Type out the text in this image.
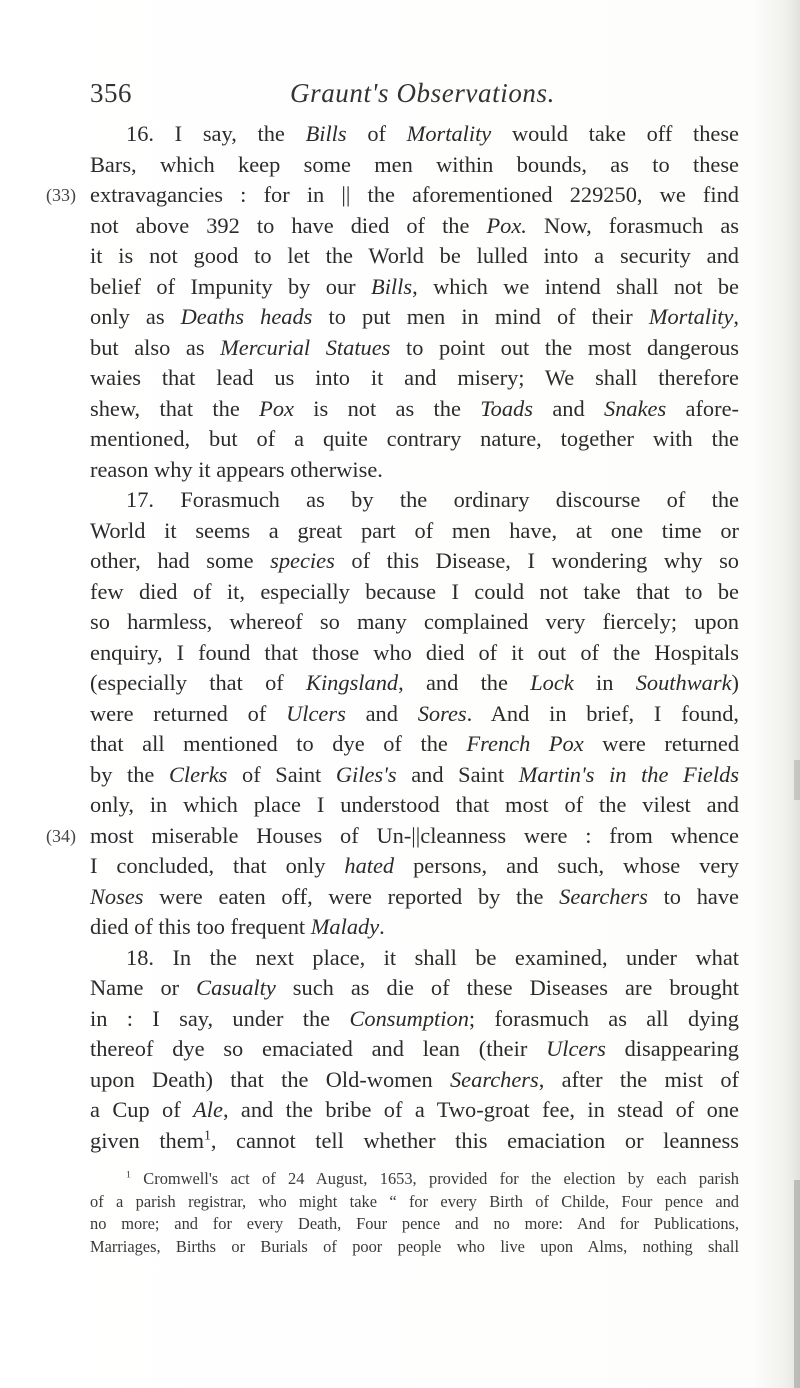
356	Graunt's Observations.
16. I say, the Bills of Mortality would take off these
Bars, which keep some men within bounds, as to these
(33) extravagancies : for in || the aforementioned 229250, we find
not above 392 to have died of the Pox. Now, forasmuch as
it is not good to let the World be lulled into a security and
belief of Impunity by our Bills, which we intend shall not be
only as Deaths heads to put men in mind of their Mortality,
but also as Mercurial Statues to point out the most dangerous
waies that lead us into it and misery; We shall therefore
shew, that the Pox is not as the Toads and Snakes afore-
mentioned, but of a quite contrary nature, together with the
reason why it appears otherwise.
17. Forasmuch as by the ordinary discourse of the
World it seems a great part of men have, at one time or
other, had some species of this Disease, I wondering why so
few died of it, especially because I could not take that to be
so harmless, whereof so many complained very fiercely; upon
enquiry, I found that those who died of it out of the Hospitals
(especially that of Kingsland, and the Lock in Southwark)
were returned of Ulcers and Sores. And in brief, I found,
that all mentioned to dye of the French Pox were returned
by the Clerks of Saint Giles's and Saint Martin's in the Fields
only, in which place I understood that most of the vilest and
(34) most miserable Houses of Un-||cleanness were : from whence
I concluded, that only hated persons, and such, whose very
Noses were eaten off, were reported by the Searchers to have
died of this too frequent Malady.
18. In the next place, it shall be examined, under what
Name or Casualty such as die of these Diseases are brought
in : I say, under the Consumption; forasmuch as all dying
thereof dye so emaciated and lean (their Ulcers disappearing
upon Death) that the Old-women Searchers, after the mist of
a Cup of Ale, and the bribe of a Two-groat fee, in stead of one
given them$^1$, cannot tell whether this emaciation or leanness
$^1$ Cromwell's act of 24 August, 1653, provided for the election by each parish
of a parish registrar, who might take “ for every Birth of Childe, Four pence and
no more; and for every Death, Four pence and no more: And for Publications,
Marriages, Births or Burials of poor people who live upon Alms, nothing shall
